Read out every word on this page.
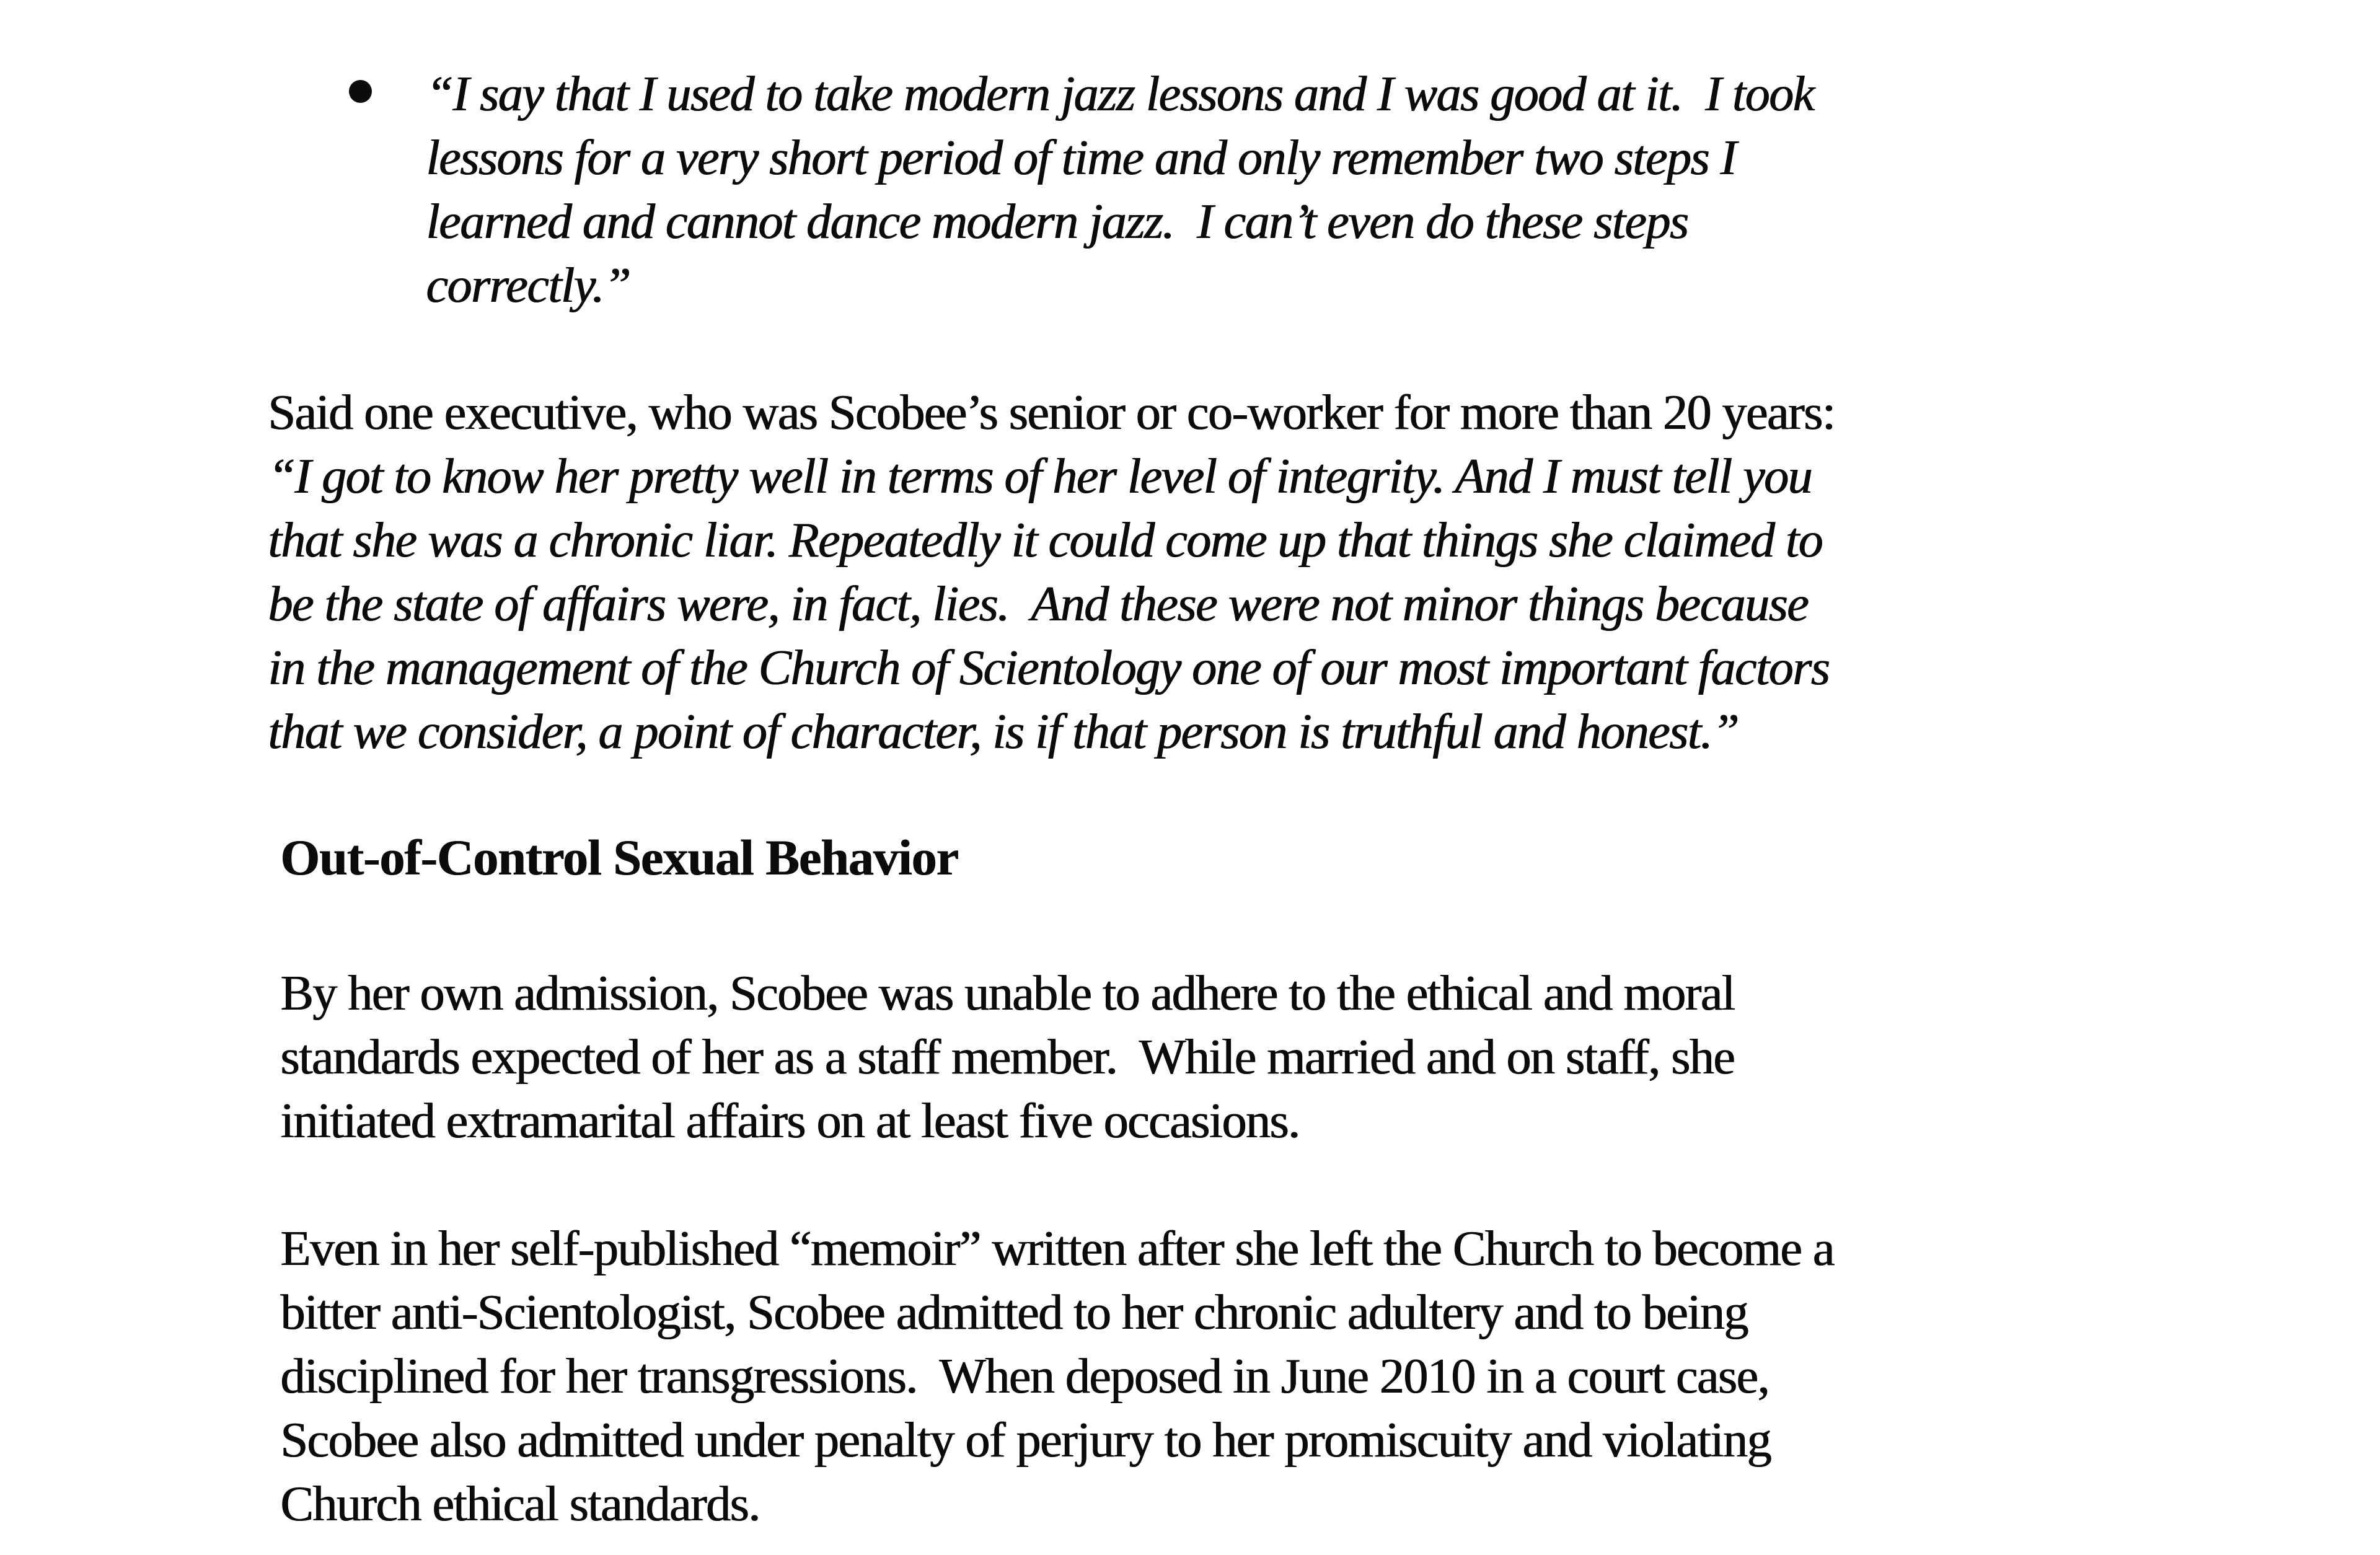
“I say that I used to take modern jazz lessons and I was good at it.  I took
lessons for a very short period of time and only remember two steps I
learned and cannot dance modern jazz.  I can’t even do these steps
correctly.”
Said one executive, who was Scobee’s senior or co-worker for more than 20 years:
“I got to know her pretty well in terms of her level of integrity. And I must tell you
that she was a chronic liar. Repeatedly it could come up that things she claimed to
be the state of affairs were, in fact, lies.  And these were not minor things because
in the management of the Church of Scientology one of our most important factors
that we consider, a point of character, is if that person is truthful and honest.”
Out-of-Control Sexual Behavior
By her own admission, Scobee was unable to adhere to the ethical and moral
standards expected of her as a staff member.  While married and on staff, she
initiated extramarital affairs on at least five occasions.
Even in her self-published “memoir” written after she left the Church to become a
bitter anti-Scientologist, Scobee admitted to her chronic adultery and to being
disciplined for her transgressions.  When deposed in June 2010 in a court case,
Scobee also admitted under penalty of perjury to her promiscuity and violating
Church ethical standards.
